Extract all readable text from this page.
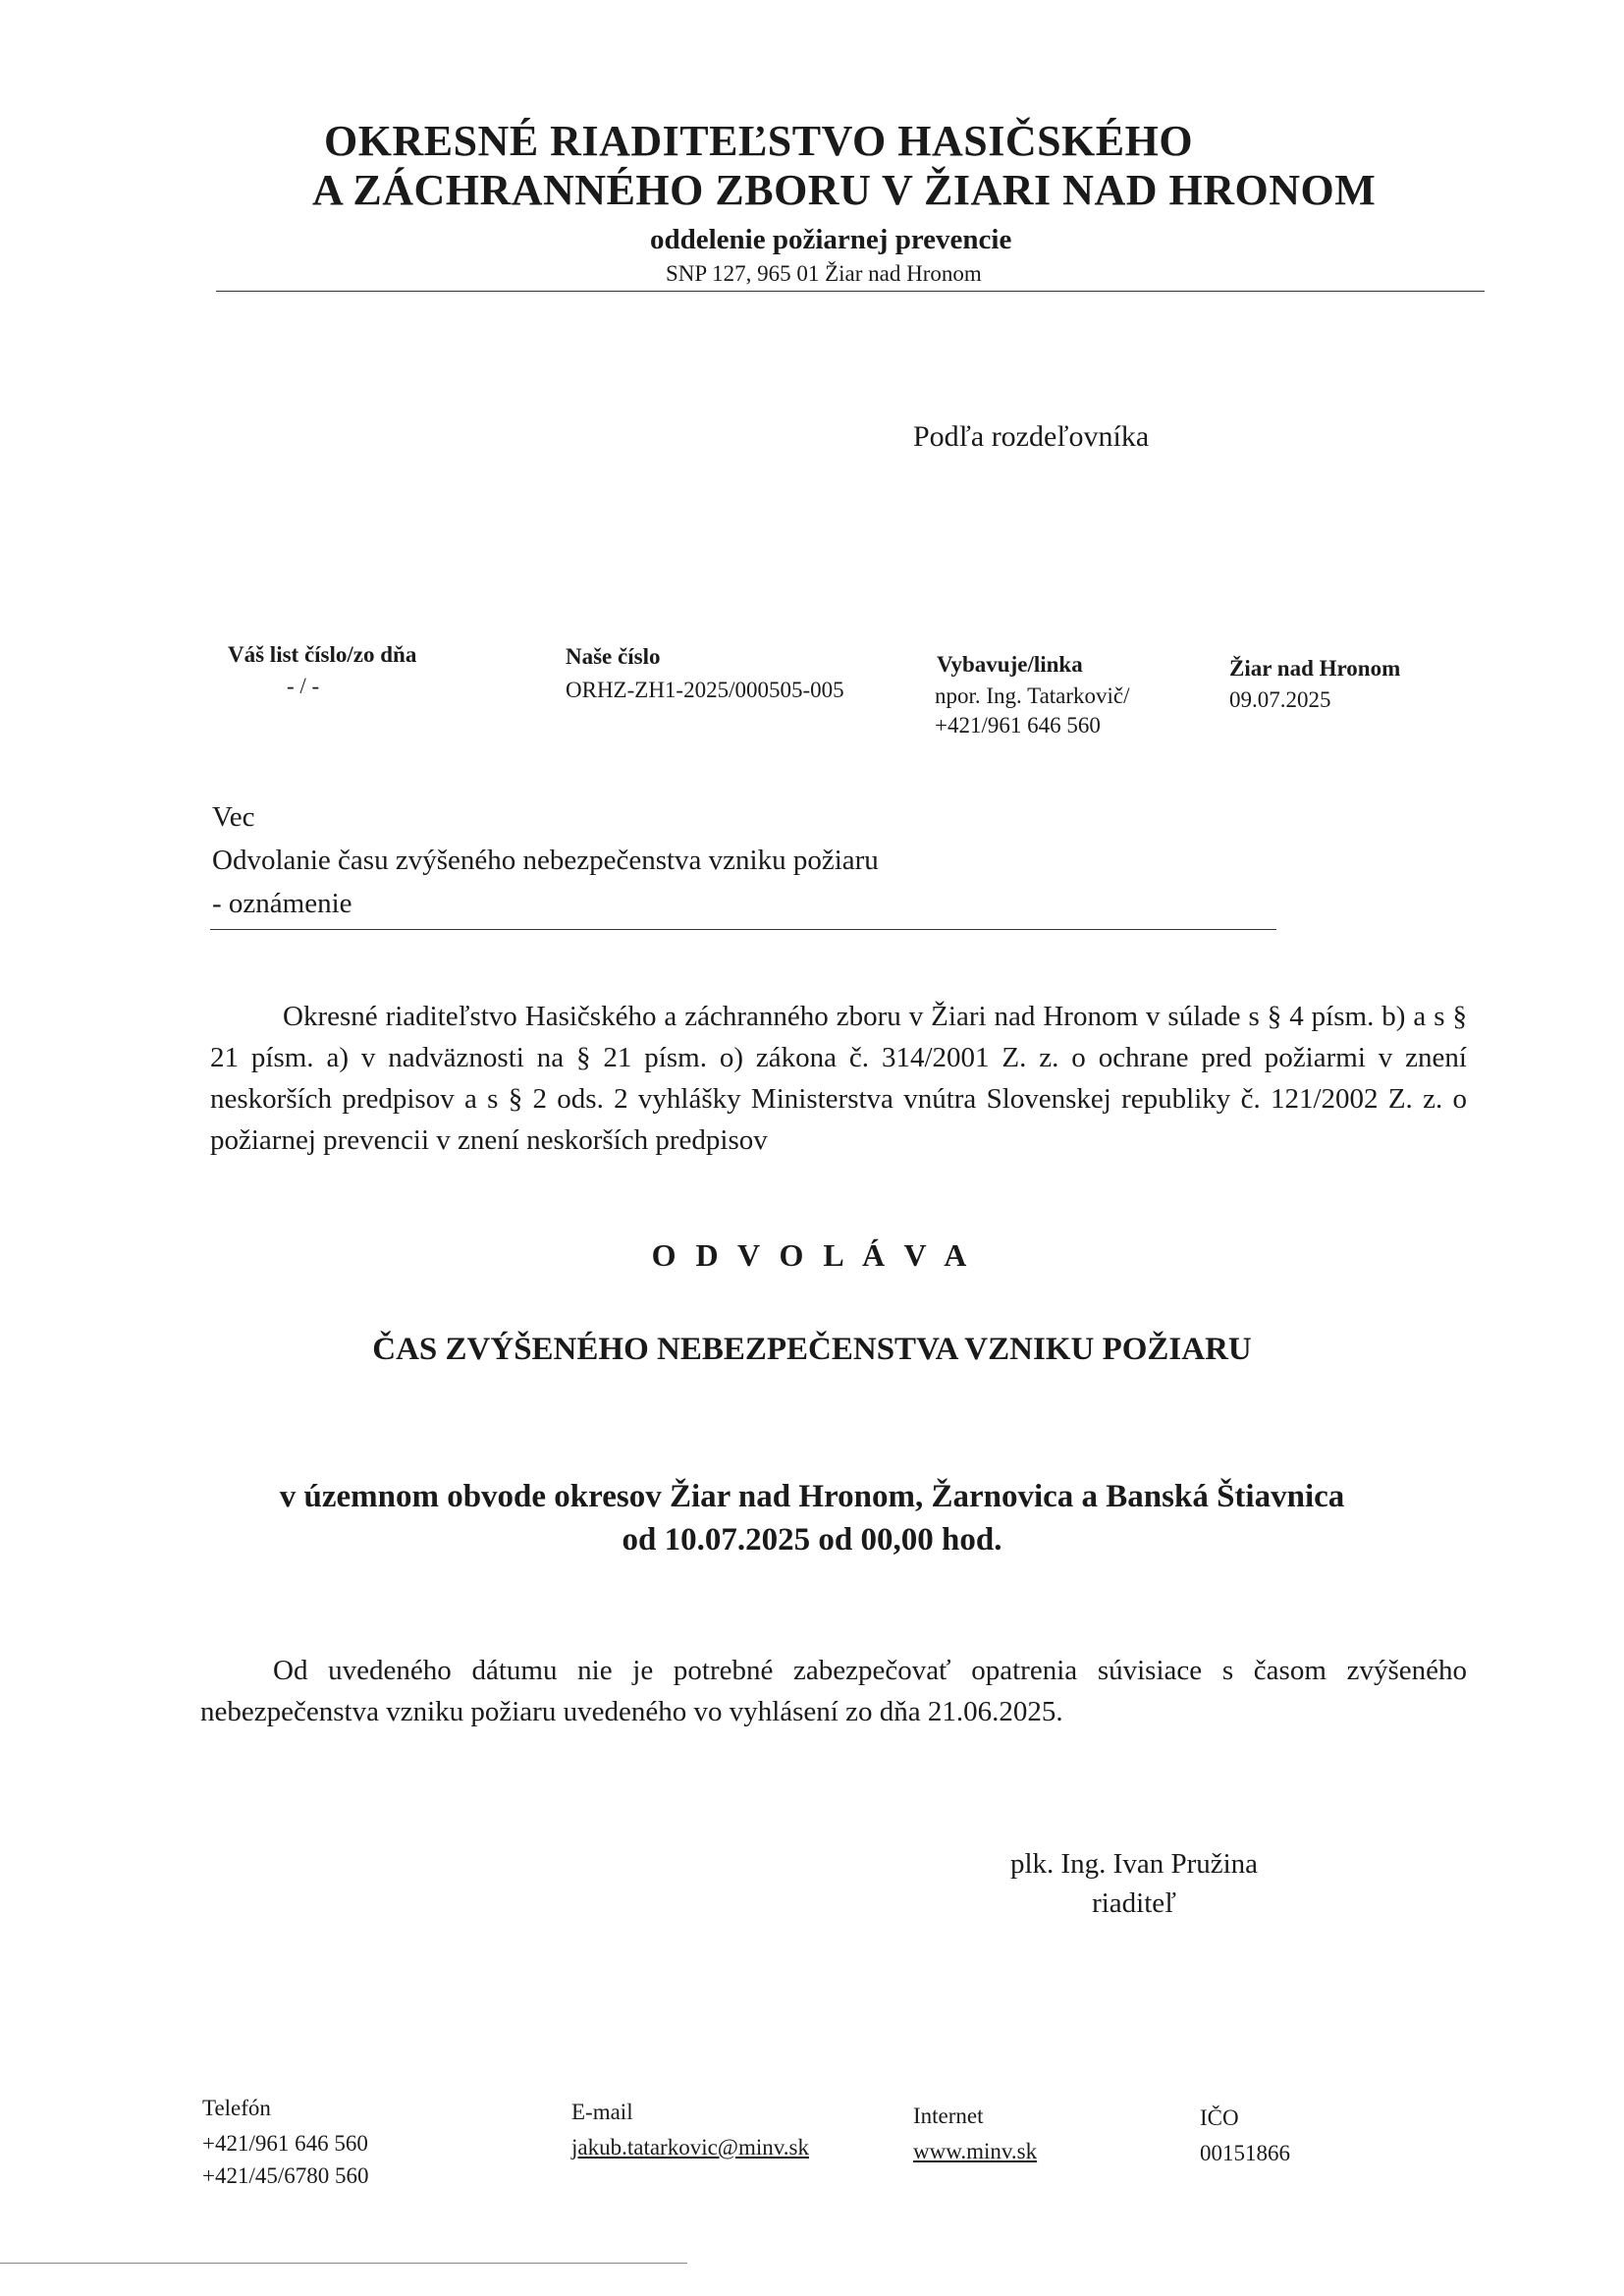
OKRESNÉ RIADITEĽSTVO HASIČSKÉHO
A ZÁCHRANNÉHO ZBORU V ŽIARI NAD HRONOM
oddelenie požiarnej prevencie
SNP 127, 965 01 Žiar nad Hronom
Podľa rozdeľovníka
Váš list číslo/zo dňa
- / -
Naše číslo
ORHZ-ZH1-2025/000505-005
Vybavuje/linka
npor. Ing. Tatarkovič/
+421/961 646 560
Žiar nad Hronom
09.07.2025
Vec
Odvolanie času zvýšeného nebezpečenstva vzniku požiaru
- oznámenie
Okresné riaditeľstvo Hasičského a záchranného zboru v Žiari nad Hronom v súlade s § 4 písm. b) a s § 21 písm. a) v nadväznosti na § 21 písm. o) zákona č. 314/2001 Z. z. o ochrane pred požiarmi v znení neskorších predpisov a s § 2 ods. 2 vyhlášky Ministerstva vnútra Slovenskej republiky č. 121/2002 Z. z. o požiarnej prevencii v znení neskorších predpisov
O D V O L Á V A
ČAS ZVÝŠENÉHO NEBEZPEČENSTVA VZNIKU POŽIARU
v územnom obvode okresov Žiar nad Hronom, Žarnovica a Banská Štiavnica
od 10.07.2025 od 00,00 hod.
Od uvedeného dátumu nie je potrebné zabezpečovať opatrenia súvisiace s časom zvýšeného nebezpečenstva vzniku požiaru uvedeného vo vyhlásení zo dňa 21.06.2025.
plk. Ing. Ivan Pružina
riaditeľ
Telefón
+421/961 646 560
+421/45/6780 560
E-mail
jakub.tatarkovic@minv.sk
Internet
www.minv.sk
IČO
00151866
